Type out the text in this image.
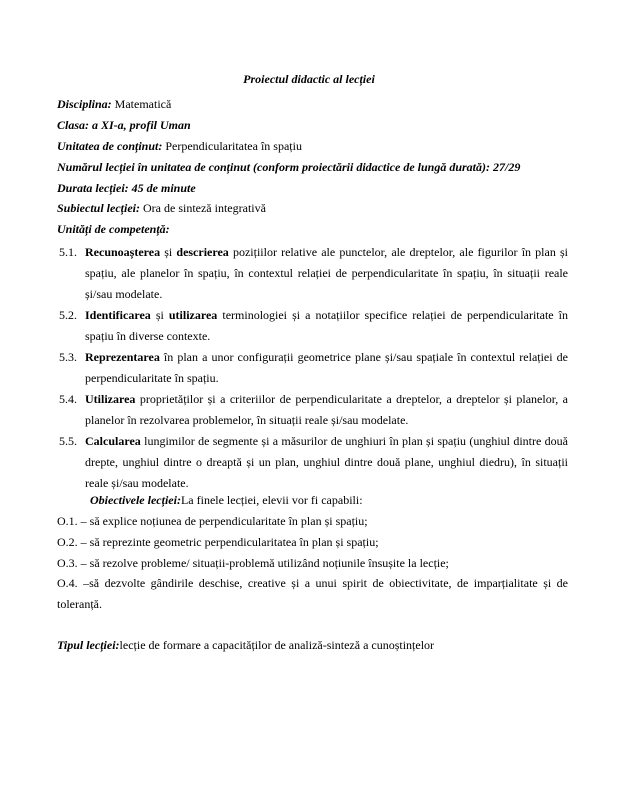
Proiectul didactic al lecției
Disciplina: Matematică
Clasa: a XI-a, profil Uman
Unitatea de conținut: Perpendicularitatea în spațiu
Numărul lecției în unitatea de conținut (conform proiectării didactice de lungă durată): 27/29
Durata lecției: 45 de minute
Subiectul lecției: Ora de sinteză integrativă
Unități de competență:
5.1. Recunoașterea și descrierea pozițiilor relative ale punctelor, ale dreptelor, ale figurilor în plan și spațiu, ale planelor în spațiu, în contextul relației de perpendicularitate în spațiu, în situații reale și/sau modelate.
5.2. Identificarea și utilizarea terminologiei și a notațiilor specifice relației de perpendicularitate în spațiu în diverse contexte.
5.3. Reprezentarea în plan a unor configurații geometrice plane și/sau spațiale în contextul relației de perpendicularitate în spațiu.
5.4. Utilizarea proprietăților și a criteriilor de perpendicularitate a dreptelor, a dreptelor și planelor, a planelor în rezolvarea problemelor, în situații reale și/sau modelate.
5.5. Calcularea lungimilor de segmente și a măsurilor de unghiuri în plan și spațiu (unghiul dintre două drepte, unghiul dintre o dreaptă și un plan, unghiul dintre două plane, unghiul diedru), în situații reale și/sau modelate.
Obiectivele lecției:La finele lecției, elevii vor fi capabili:
O.1. – să explice noțiunea de perpendicularitate în plan și spațiu;
O.2. – să reprezinte geometric perpendicularitatea în plan și spațiu;
O.3. – să rezolve probleme/ situații-problemă utilizând noțiunile însușite la lecție;
O.4. –să dezvolte gândirile deschise, creative și a unui spirit de obiectivitate, de imparțialitate și de toleranță.
Tipul lecției:lecție de formare a capacităților de analiză-sinteză a cunoștințelor
